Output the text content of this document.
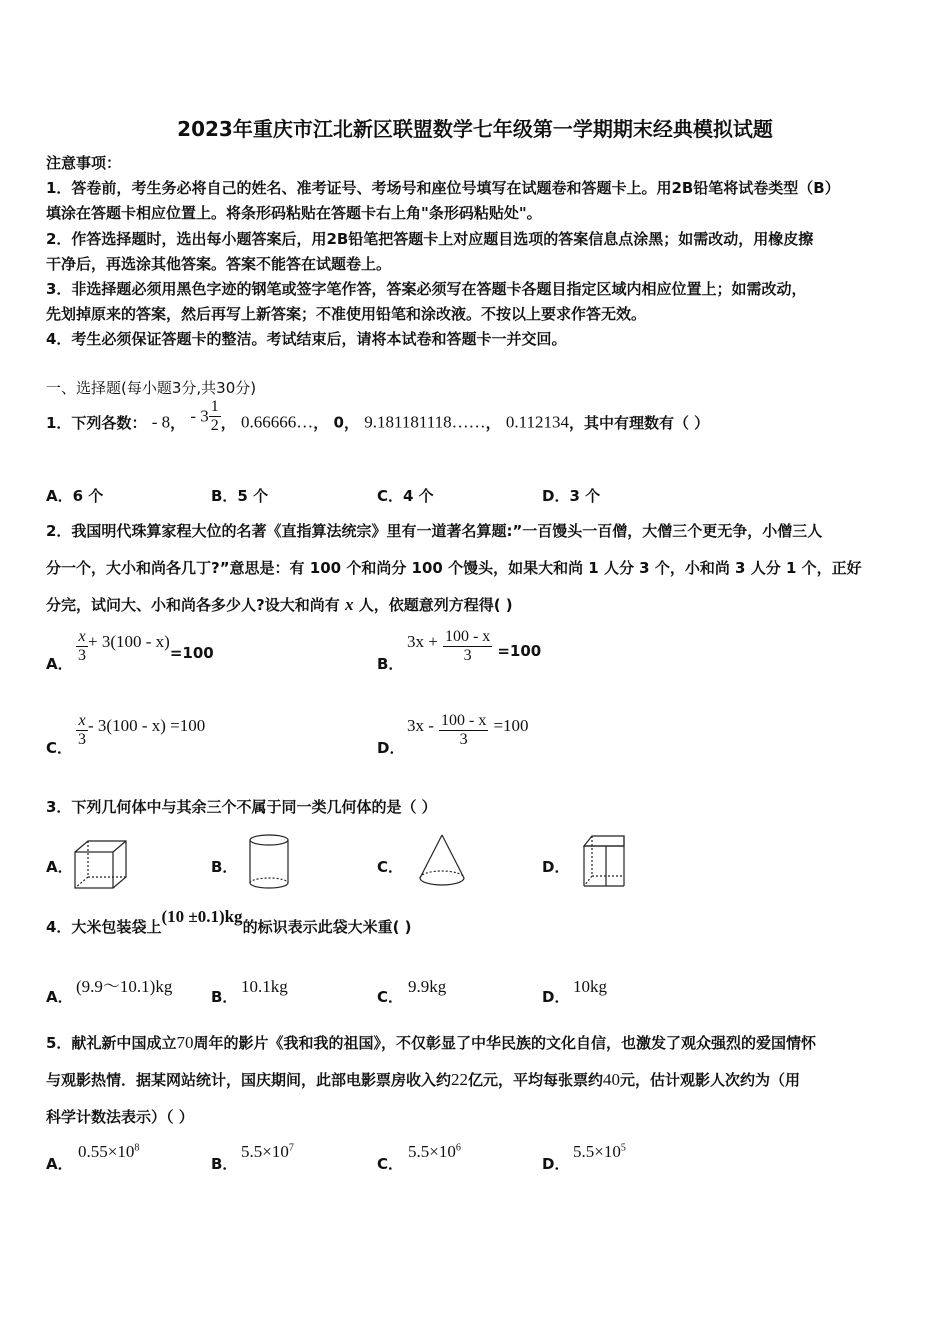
2023年重庆市江北新区联盟数学七年级第一学期期末经典模拟试题
注意事项：
1．答卷前，考生务必将自己的姓名、准考证号、考场号和座位号填写在试题卷和答题卡上。用2B铅笔将试卷类型（B）
填涂在答题卡相应位置上。将条形码粘贴在答题卡右上角"条形码粘贴处"。
2．作答选择题时，选出每小题答案后，用2B铅笔把答题卡上对应题目选项的答案信息点涂黑；如需改动，用橡皮擦
干净后，再选涂其他答案。答案不能答在试题卷上。
3．非选择题必须用黑色字迹的钢笔或签字笔作答，答案必须写在答题卡各题目指定区域内相应位置上；如需改动，
先划掉原来的答案，然后再写上新答案；不准使用铅笔和涂改液。不按以上要求作答无效。
4．考生必须保证答题卡的整洁。考试结束后，请将本试卷和答题卡一并交回。
一、选择题(每小题3分,共30分)
1．下列各数： - 8， - $3 \frac{1}{2}$ ， 0.66666…， 0， 9.181181118……， 0.112134，其中有理数有（ ）
A．6 个	B．5 个	C．4 个	D．3 个
2．我国明代珠算家程大位的名著《直指算法统宗》里有一道著名算题:”一百馒头一百僧，大僧三个更无争，小僧三人
分一个，大小和尚各几丁?”意思是：有 100 个和尚分 100 个馒头，如果大和尚 1 人分 3 个，小和尚 3 人分 1 个，正好
分完，试问大、小和尚各多少人?设大和尚有 x 人，依题意列方程得( )
A． $\frac{x}{3} + 3(100 - x)=100$
B．
$3x + \frac{100 - x}{3} =100$
C． $\frac{x}{3} - 3(100 - x) =100$
D．
$3x - \frac{100 - x}{3} =100$
3．下列几何体中与其余三个不属于同一类几何体的是（ ）
A．	B．	C．	D．
4．大米包装袋上(10 ±0.1)kg的标识表示此袋大米重( )
A．
(9.9～10.1)kg
B．
10.1kg
C．
9.9kg
D．
10kg
5．献礼新中国成立70周年的影片《我和我的祖国》，不仅彰显了中华民族的文化自信，也激发了观众强烈的爱国情怀
与观影热情．据某网站统计，国庆期间，此部电影票房收入约22亿元，平均每张票约40元，估计观影人次约为（用
科学计数法表示）（ ）
A．
$0.55\times 10^8$
B．
$5.5\times 10^7$
C．
$5.5\times 10^6$
D．
$5.5\times 10^5$
